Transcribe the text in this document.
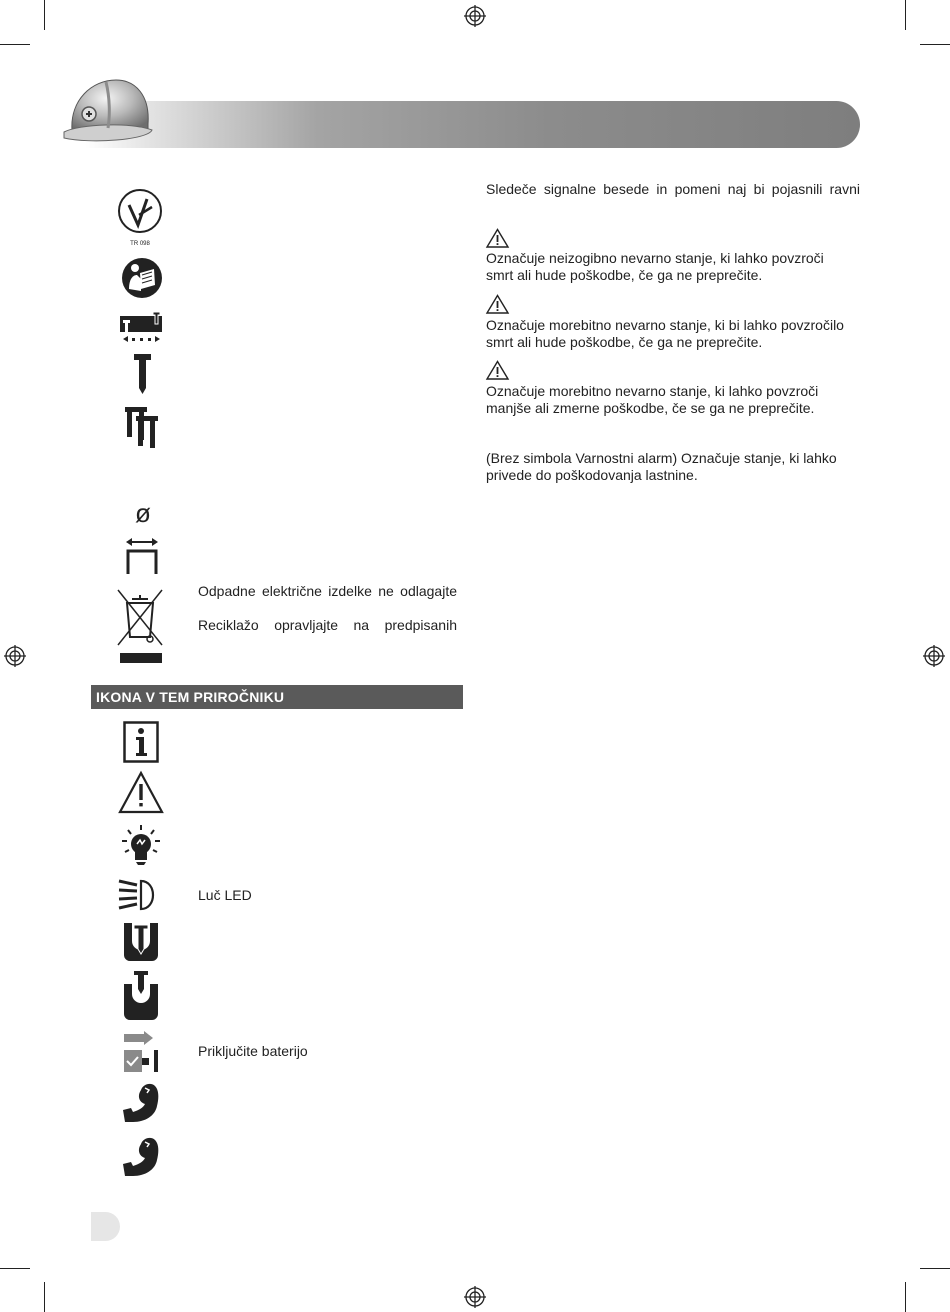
TR 098
ø
Odpadne električne izdelke ne odlagajte
Reciklažo opravljajte na predpisanih
Sledeče signalne besede in pomeni naj bi pojasnili ravni
Označuje neizogibno nevarno stanje, ki lahko povzroči
smrt ali hude poškodbe, če ga ne preprečite.
Označuje morebitno nevarno stanje, ki bi lahko povzročilo
smrt ali hude poškodbe, če ga ne preprečite.
Označuje morebitno nevarno stanje, ki lahko povzroči
manjše ali zmerne poškodbe, če se ga ne preprečite.
(Brez simbola Varnostni alarm) Označuje stanje, ki lahko
privede do poškodovanja lastnine.
IKONA V TEM PRIROČNIKU
Luč LED
Priključite baterijo
